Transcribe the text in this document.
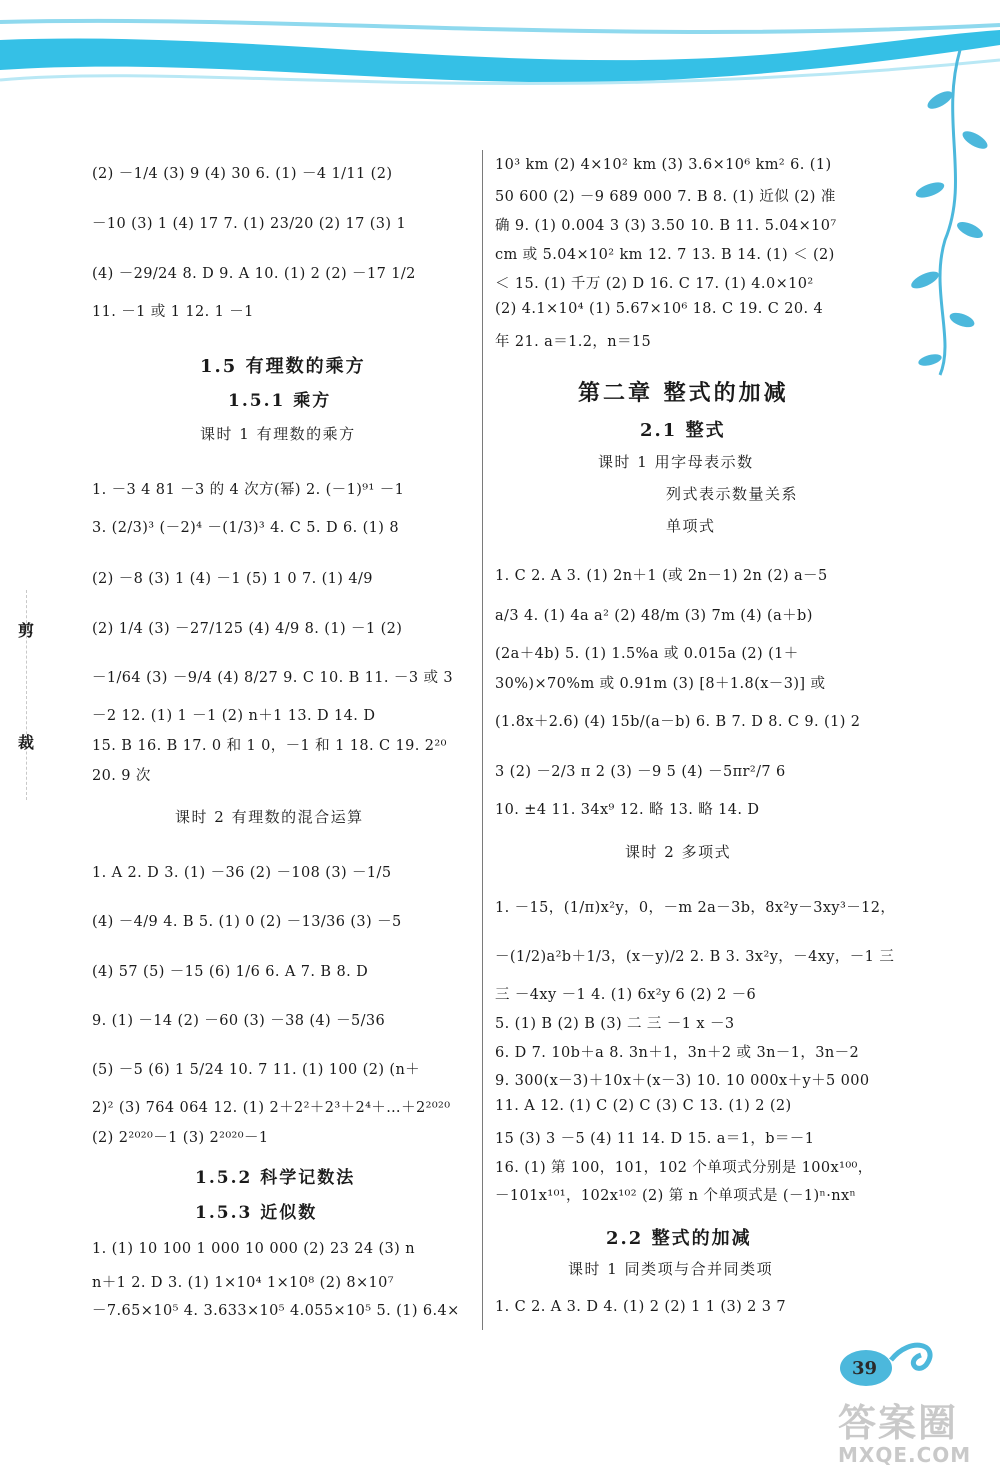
剪
裁
(2) －1/4 (3) 9 (4) 30 6. (1) －4 1/11 (2)
－10 (3) 1 (4) 17 7. (1) 23/20 (2) 17 (3) 1
(4) －29/24 8. D 9. A 10. (1) 2 (2) －17 1/2
11. －1 或 1 12. 1 －1
1.5 有理数的乘方
1.5.1 乘方
课时 1 有理数的乘方
1. －3 4 81 －3 的 4 次方(幂) 2. (－1)⁹¹ －1
3. (2/3)³ (－2)⁴ －(1/3)³ 4. C 5. D 6. (1) 8
(2) －8 (3) 1 (4) －1 (5) 1 0 7. (1) 4/9
(2) 1/4 (3) －27/125 (4) 4/9 8. (1) －1 (2)
－1/64 (3) －9/4 (4) 8/27 9. C 10. B 11. －3 或 3
－2 12. (1) 1 －1 (2) n＋1 13. D 14. D
15. B 16. B 17. 0 和 1 0，－1 和 1 18. C 19. 2²⁰
20. 9 次
课时 2 有理数的混合运算
1. A 2. D 3. (1) －36 (2) －108 (3) －1/5
(4) －4/9 4. B 5. (1) 0 (2) －13/36 (3) －5
(4) 57 (5) －15 (6) 1/6 6. A 7. B 8. D
9. (1) －14 (2) －60 (3) －38 (4) －5/36
(5) －5 (6) 1 5/24 10. 7 11. (1) 100 (2) (n＋
2)² (3) 764 064 12. (1) 2＋2²＋2³＋2⁴＋…＋2²⁰²⁰
(2) 2²⁰²⁰－1 (3) 2²⁰²⁰－1
1.5.2 科学记数法
1.5.3 近似数
1. (1) 10 100 1 000 10 000 (2) 23 24 (3) n
n＋1 2. D 3. (1) 1×10⁴ 1×10⁸ (2) 8×10⁷
－7.65×10⁵ 4. 3.633×10⁵ 4.055×10⁵ 5. (1) 6.4×
10³ km (2) 4×10² km (3) 3.6×10⁶ km² 6. (1)
50 600 (2) －9 689 000 7. B 8. (1) 近似 (2) 准
确 9. (1) 0.004 3 (3) 3.50 10. B 11. 5.04×10⁷
cm 或 5.04×10² km 12. 7 13. B 14. (1) ＜ (2)
＜ 15. (1) 千万 (2) D 16. C 17. (1) 4.0×10²
(2) 4.1×10⁴ (1) 5.67×10⁶ 18. C 19. C 20. 4
年 21. a＝1.2，n＝15
第二章 整式的加减
2.1 整式
课时 1 用字母表示数
列式表示数量关系
单项式
1. C 2. A 3. (1) 2n＋1 (或 2n－1) 2n (2) a－5
a/3 4. (1) 4a a² (2) 48/m (3) 7m (4) (a＋b)
(2a＋4b) 5. (1) 1.5%a 或 0.015a (2) (1＋
30%)×70%m 或 0.91m (3) [8＋1.8(x－3)] 或
(1.8x＋2.6) (4) 15b/(a－b) 6. B 7. D 8. C 9. (1) 2
3 (2) －2/3 π 2 (3) －9 5 (4) －5πr²/7 6
10. ±4 11. 34x⁹ 12. 略 13. 略 14. D
课时 2 多项式
1. －15，(1/π)x²y，0，－m 2a－3b，8x²y－3xy³－12，
－(1/2)a²b＋1/3，(x－y)/2 2. B 3. 3x²y，－4xy，－1 三
三 －4xy －1 4. (1) 6x²y 6 (2) 2 －6
5. (1) B (2) B (3) 二 三 －1 x －3
6. D 7. 10b＋a 8. 3n＋1，3n＋2 或 3n－1，3n－2
9. 300(x－3)＋10x＋(x－3) 10. 10 000x＋y＋5 000
11. A 12. (1) C (2) C (3) C 13. (1) 2 (2)
15 (3) 3 －5 (4) 11 14. D 15. a＝1，b＝－1
16. (1) 第 100，101，102 个单项式分别是 100x¹⁰⁰，
－101x¹⁰¹，102x¹⁰² (2) 第 n 个单项式是 (－1)ⁿ·nxⁿ
2.2 整式的加减
课时 1 同类项与合并同类项
1. C 2. A 3. D 4. (1) 2 (2) 1 1 (3) 2 3 7
39
答案圈
MXQE.COM
